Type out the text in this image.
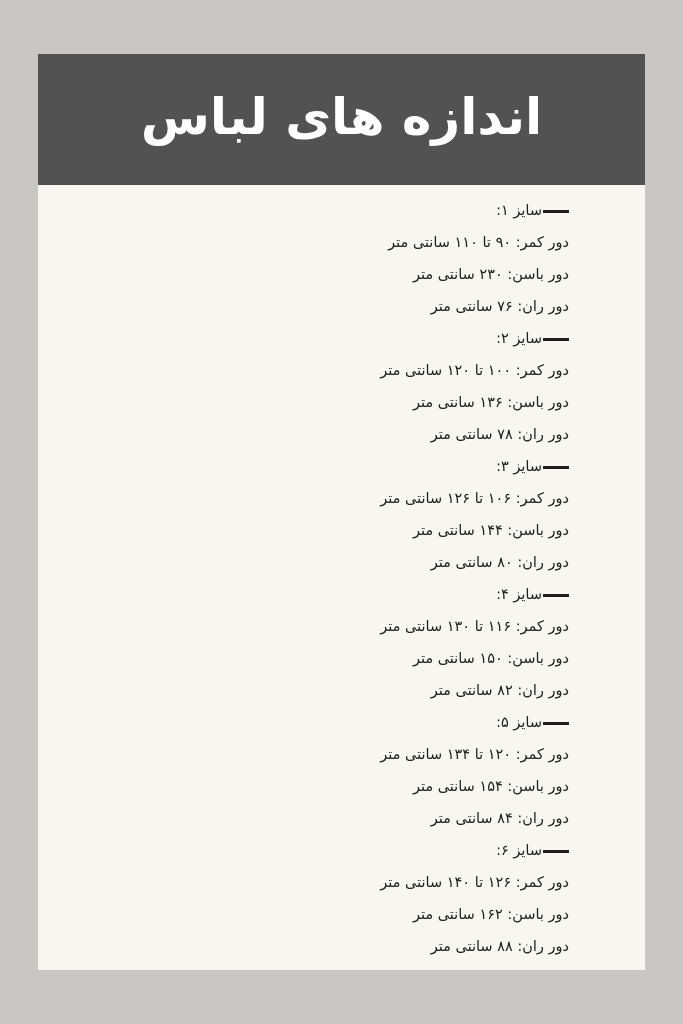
اندازه های لباس
سایز ۱:
دور کمر: ۹۰ تا ۱۱۰ سانتی متر
دور باسن: ۲۳۰ سانتی متر
دور ران: ۷۶ سانتی متر
سایز ۲:
دور کمر: ۱۰۰ تا ۱۲۰ سانتی متر
دور باسن: ۱۳۶ سانتی متر
دور ران: ۷۸ سانتی متر
سایز ۳:
دور کمر: ۱۰۶ تا ۱۲۶ سانتی متر
دور باسن: ۱۴۴ سانتی متر
دور ران: ۸۰ سانتی متر
سایز ۴:
دور کمر: ۱۱۶ تا ۱۳۰ سانتی متر
دور باسن: ۱۵۰ سانتی متر
دور ران: ۸۲ سانتی متر
سایز ۵:
دور کمر: ۱۲۰ تا ۱۳۴ سانتی متر
دور باسن: ۱۵۴ سانتی متر
دور ران: ۸۴ سانتی متر
سایز ۶:
دور کمر: ۱۲۶ تا ۱۴۰ سانتی متر
دور باسن: ۱۶۲ سانتی متر
دور ران: ۸۸ سانتی متر
